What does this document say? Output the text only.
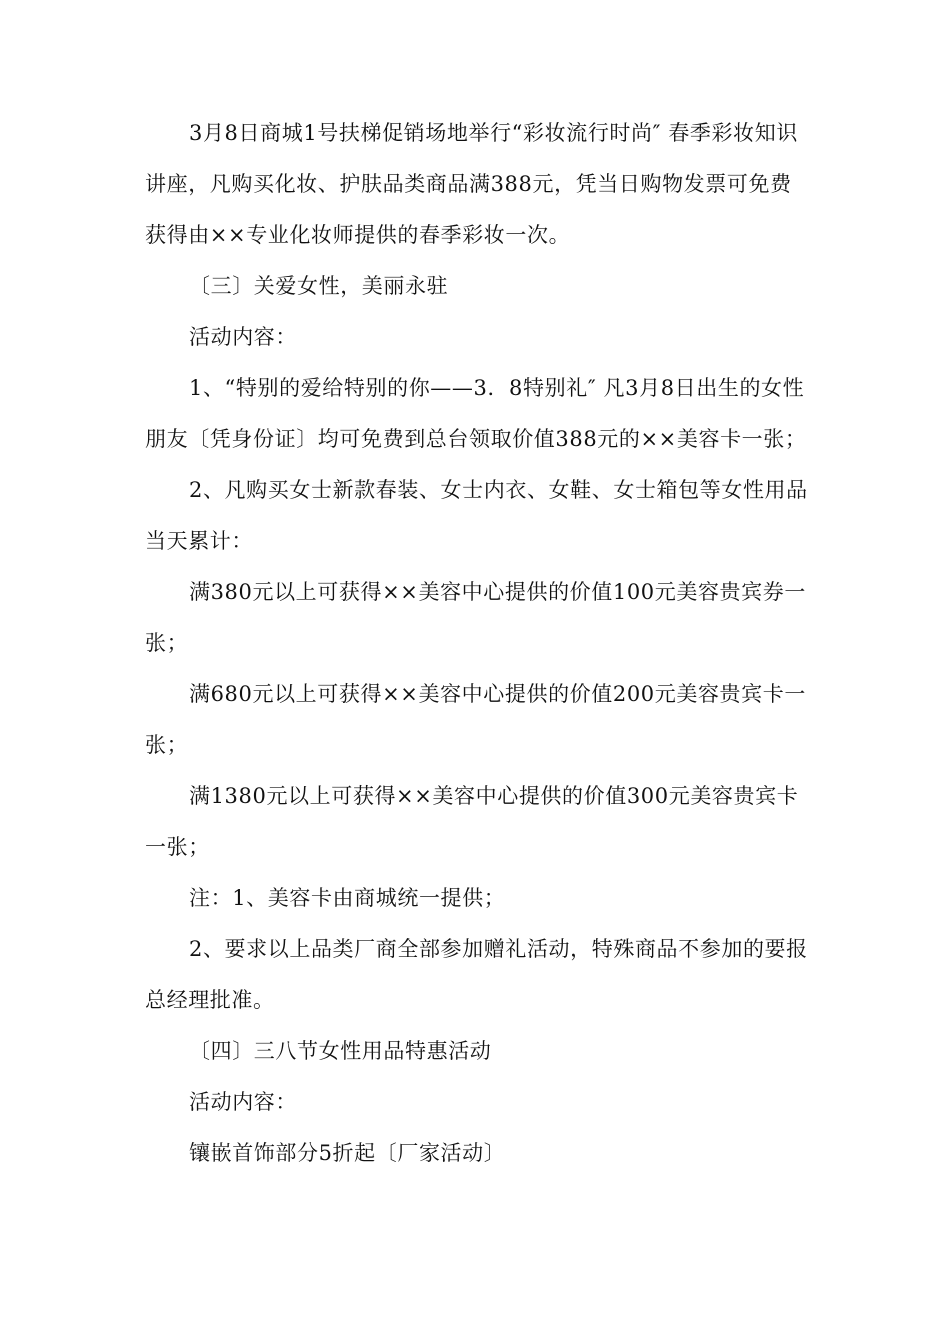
3月8日商城1号扶梯促销场地举行“彩妆流行时尚″ 春季彩妆知识讲座，凡购买化妆、护肤品类商品满388元，凭当日购物发票可免费获得由××专业化妆师提供的春季彩妆一次。

〔三〕关爱女性，美丽永驻

活动内容：

1、“特别的爱给特别的你——3．8特别礼″ 凡3月8日出生的女性朋友〔凭身份证〕均可免费到总台领取价值388元的××美容卡一张；

2、凡购买女士新款春装、女士内衣、女鞋、女士箱包等女性用品当天累计：

满380元以上可获得××美容中心提供的价值100元美容贵宾券一张；

满680元以上可获得××美容中心提供的价值200元美容贵宾卡一张；

满1380元以上可获得××美容中心提供的价值300元美容贵宾卡一张；

注：1、美容卡由商城统一提供；

2、要求以上品类厂商全部参加赠礼活动，特殊商品不参加的要报总经理批准。

〔四〕三八节女性用品特惠活动

活动内容：

镶嵌首饰部分5折起〔厂家活动〕
